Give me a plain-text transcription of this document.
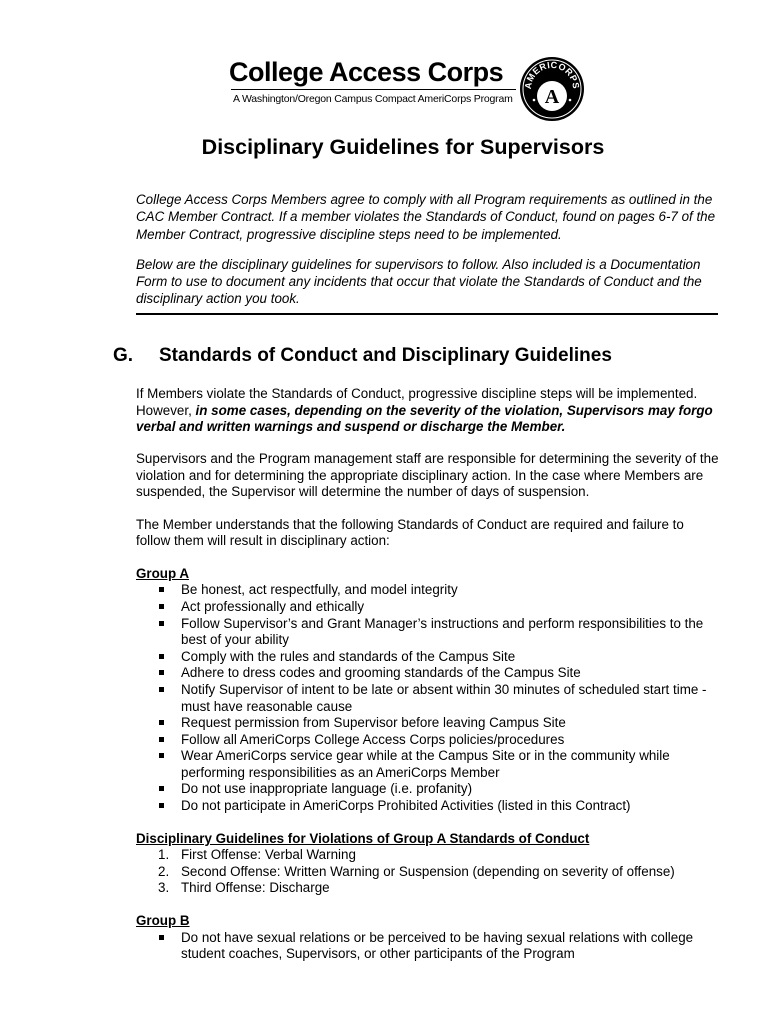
College Access Corps
A Washington/Oregon Campus Compact AmeriCorps Program
AMERICORPS
A
Disciplinary Guidelines for Supervisors

College Access Corps Members agree to comply with all Program requirements as outlined in the CAC Member Contract. If a member violates the Standards of Conduct, found on pages 6-7 of the Member Contract, progressive discipline steps need to be implemented.

Below are the disciplinary guidelines for supervisors to follow. Also included is a Documentation Form to use to document any incidents that occur that violate the Standards of Conduct and the disciplinary action you took.

G. Standards of Conduct and Disciplinary Guidelines

If Members violate the Standards of Conduct, progressive discipline steps will be implemented. However, in some cases, depending on the severity of the violation, Supervisors may forgo verbal and written warnings and suspend or discharge the Member.

Supervisors and the Program management staff are responsible for determining the severity of the violation and for determining the appropriate disciplinary action. In the case where Members are suspended, the Supervisor will determine the number of days of suspension.

The Member understands that the following Standards of Conduct are required and failure to follow them will result in disciplinary action:

Group A

Be honest, act respectfully, and model integrity
Act professionally and ethically
Follow Supervisor’s and Grant Manager’s instructions and perform responsibilities to the best of your ability
Comply with the rules and standards of the Campus Site
Adhere to dress codes and grooming standards of the Campus Site
Notify Supervisor of intent to be late or absent within 30 minutes of scheduled start time - must have reasonable cause
Request permission from Supervisor before leaving Campus Site
Follow all AmeriCorps College Access Corps policies/procedures
Wear AmeriCorps service gear while at the Campus Site or in the community while performing responsibilities as an AmeriCorps Member
Do not use inappropriate language (i.e. profanity)
Do not participate in AmeriCorps Prohibited Activities (listed in this Contract)

Disciplinary Guidelines for Violations of Group A Standards of Conduct

1. First Offense: Verbal Warning
2. Second Offense: Written Warning or Suspension (depending on severity of offense)
3. Third Offense: Discharge

Group B

Do not have sexual relations or be perceived to be having sexual relations with college student coaches, Supervisors, or other participants of the Program
